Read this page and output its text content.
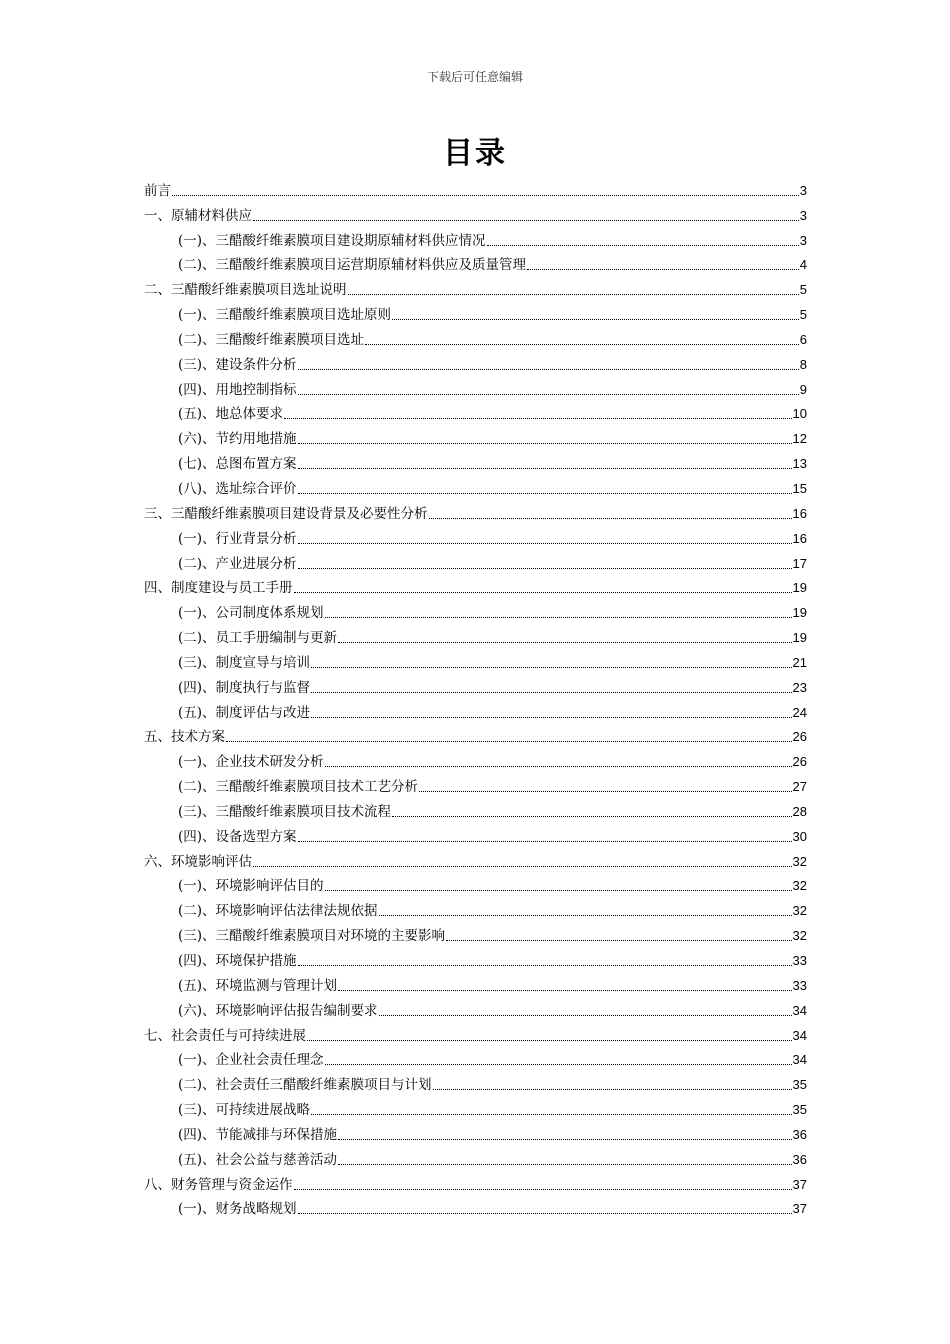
下载后可任意编辑
目录
前言	3
一、原辅材料供应	3
(一)、三醋酸纤维素膜项目建设期原辅材料供应情况	3
(二)、三醋酸纤维素膜项目运营期原辅材料供应及质量管理	4
二、三醋酸纤维素膜项目选址说明	5
(一)、三醋酸纤维素膜项目选址原则	5
(二)、三醋酸纤维素膜项目选址	6
(三)、建设条件分析	8
(四)、用地控制指标	9
(五)、地总体要求	10
(六)、节约用地措施	12
(七)、总图布置方案	13
(八)、选址综合评价	15
三、三醋酸纤维素膜项目建设背景及必要性分析	16
(一)、行业背景分析	16
(二)、产业进展分析	17
四、制度建设与员工手册	19
(一)、公司制度体系规划	19
(二)、员工手册编制与更新	19
(三)、制度宣导与培训	21
(四)、制度执行与监督	23
(五)、制度评估与改进	24
五、技术方案	26
(一)、企业技术研发分析	26
(二)、三醋酸纤维素膜项目技术工艺分析	27
(三)、三醋酸纤维素膜项目技术流程	28
(四)、设备选型方案	30
六、环境影响评估	32
(一)、环境影响评估目的	32
(二)、环境影响评估法律法规依据	32
(三)、三醋酸纤维素膜项目对环境的主要影响	32
(四)、环境保护措施	33
(五)、环境监测与管理计划	33
(六)、环境影响评估报告编制要求	34
七、社会责任与可持续进展	34
(一)、企业社会责任理念	34
(二)、社会责任三醋酸纤维素膜项目与计划	35
(三)、可持续进展战略	35
(四)、节能减排与环保措施	36
(五)、社会公益与慈善活动	36
八、财务管理与资金运作	37
(一)、财务战略规划	37
